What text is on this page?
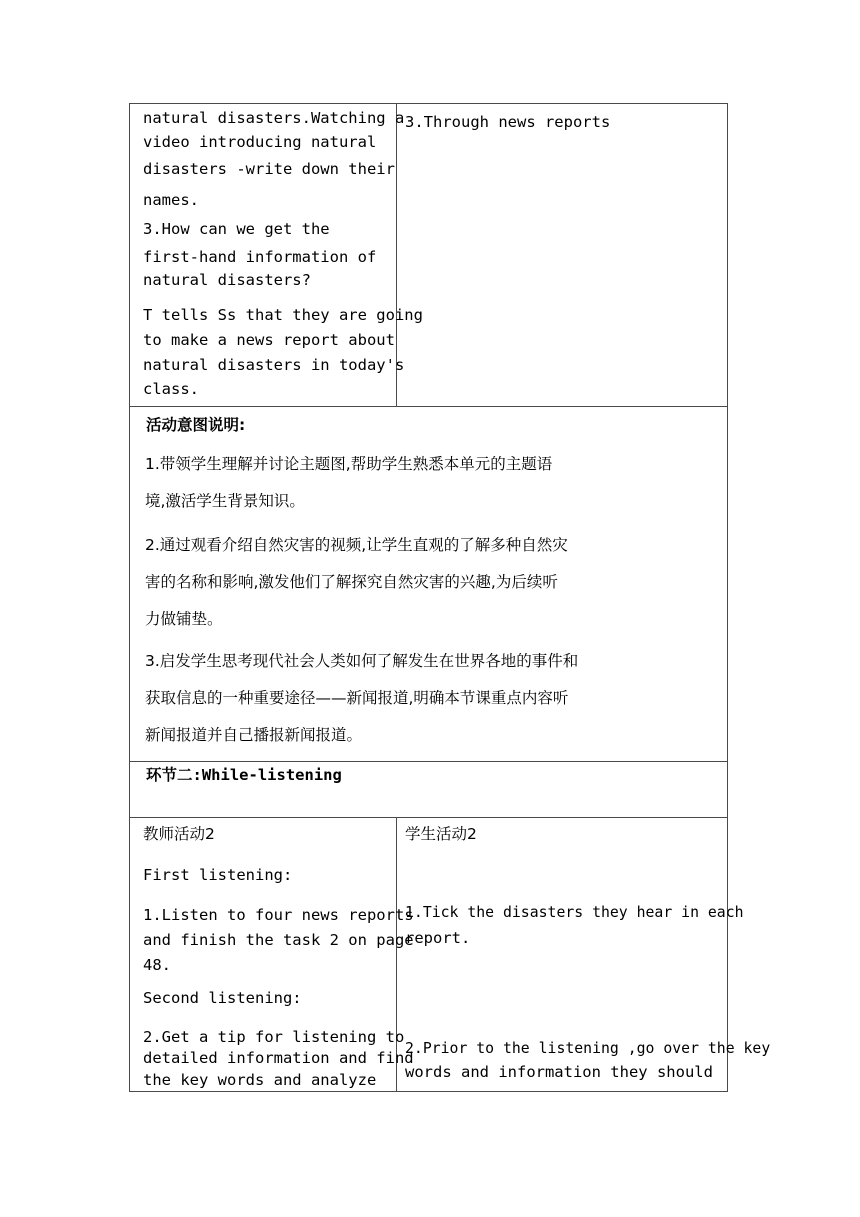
natural disasters.Watching a
video introducing natural
disasters -write down their
names.
3.How can we get the
first-hand information of
natural disasters?
T tells Ss that they are going
to make a news report about
natural disasters in today's
class.
3.Through news reports
活动意图说明:
1.带领学生理解并讨论主题图,帮助学生熟悉本单元的主题语
境,激活学生背景知识。
2.通过观看介绍自然灾害的视频,让学生直观的了解多种自然灾
害的名称和影响,激发他们了解探究自然灾害的兴趣,为后续听
力做铺垫。
3.启发学生思考现代社会人类如何了解发生在世界各地的事件和
获取信息的一种重要途径——新闻报道,明确本节课重点内容听
新闻报道并自己播报新闻报道。
环节二:While-listening
教师活动2
First listening:
1.Listen to four news reports
and finish the task 2 on page
48.
Second listening:
2.Get a tip for listening to
detailed information and find
the key words and analyze
学生活动2
1.Tick the disasters they hear in each
report.
2.Prior to the listening ,go over the key
words and information they should
